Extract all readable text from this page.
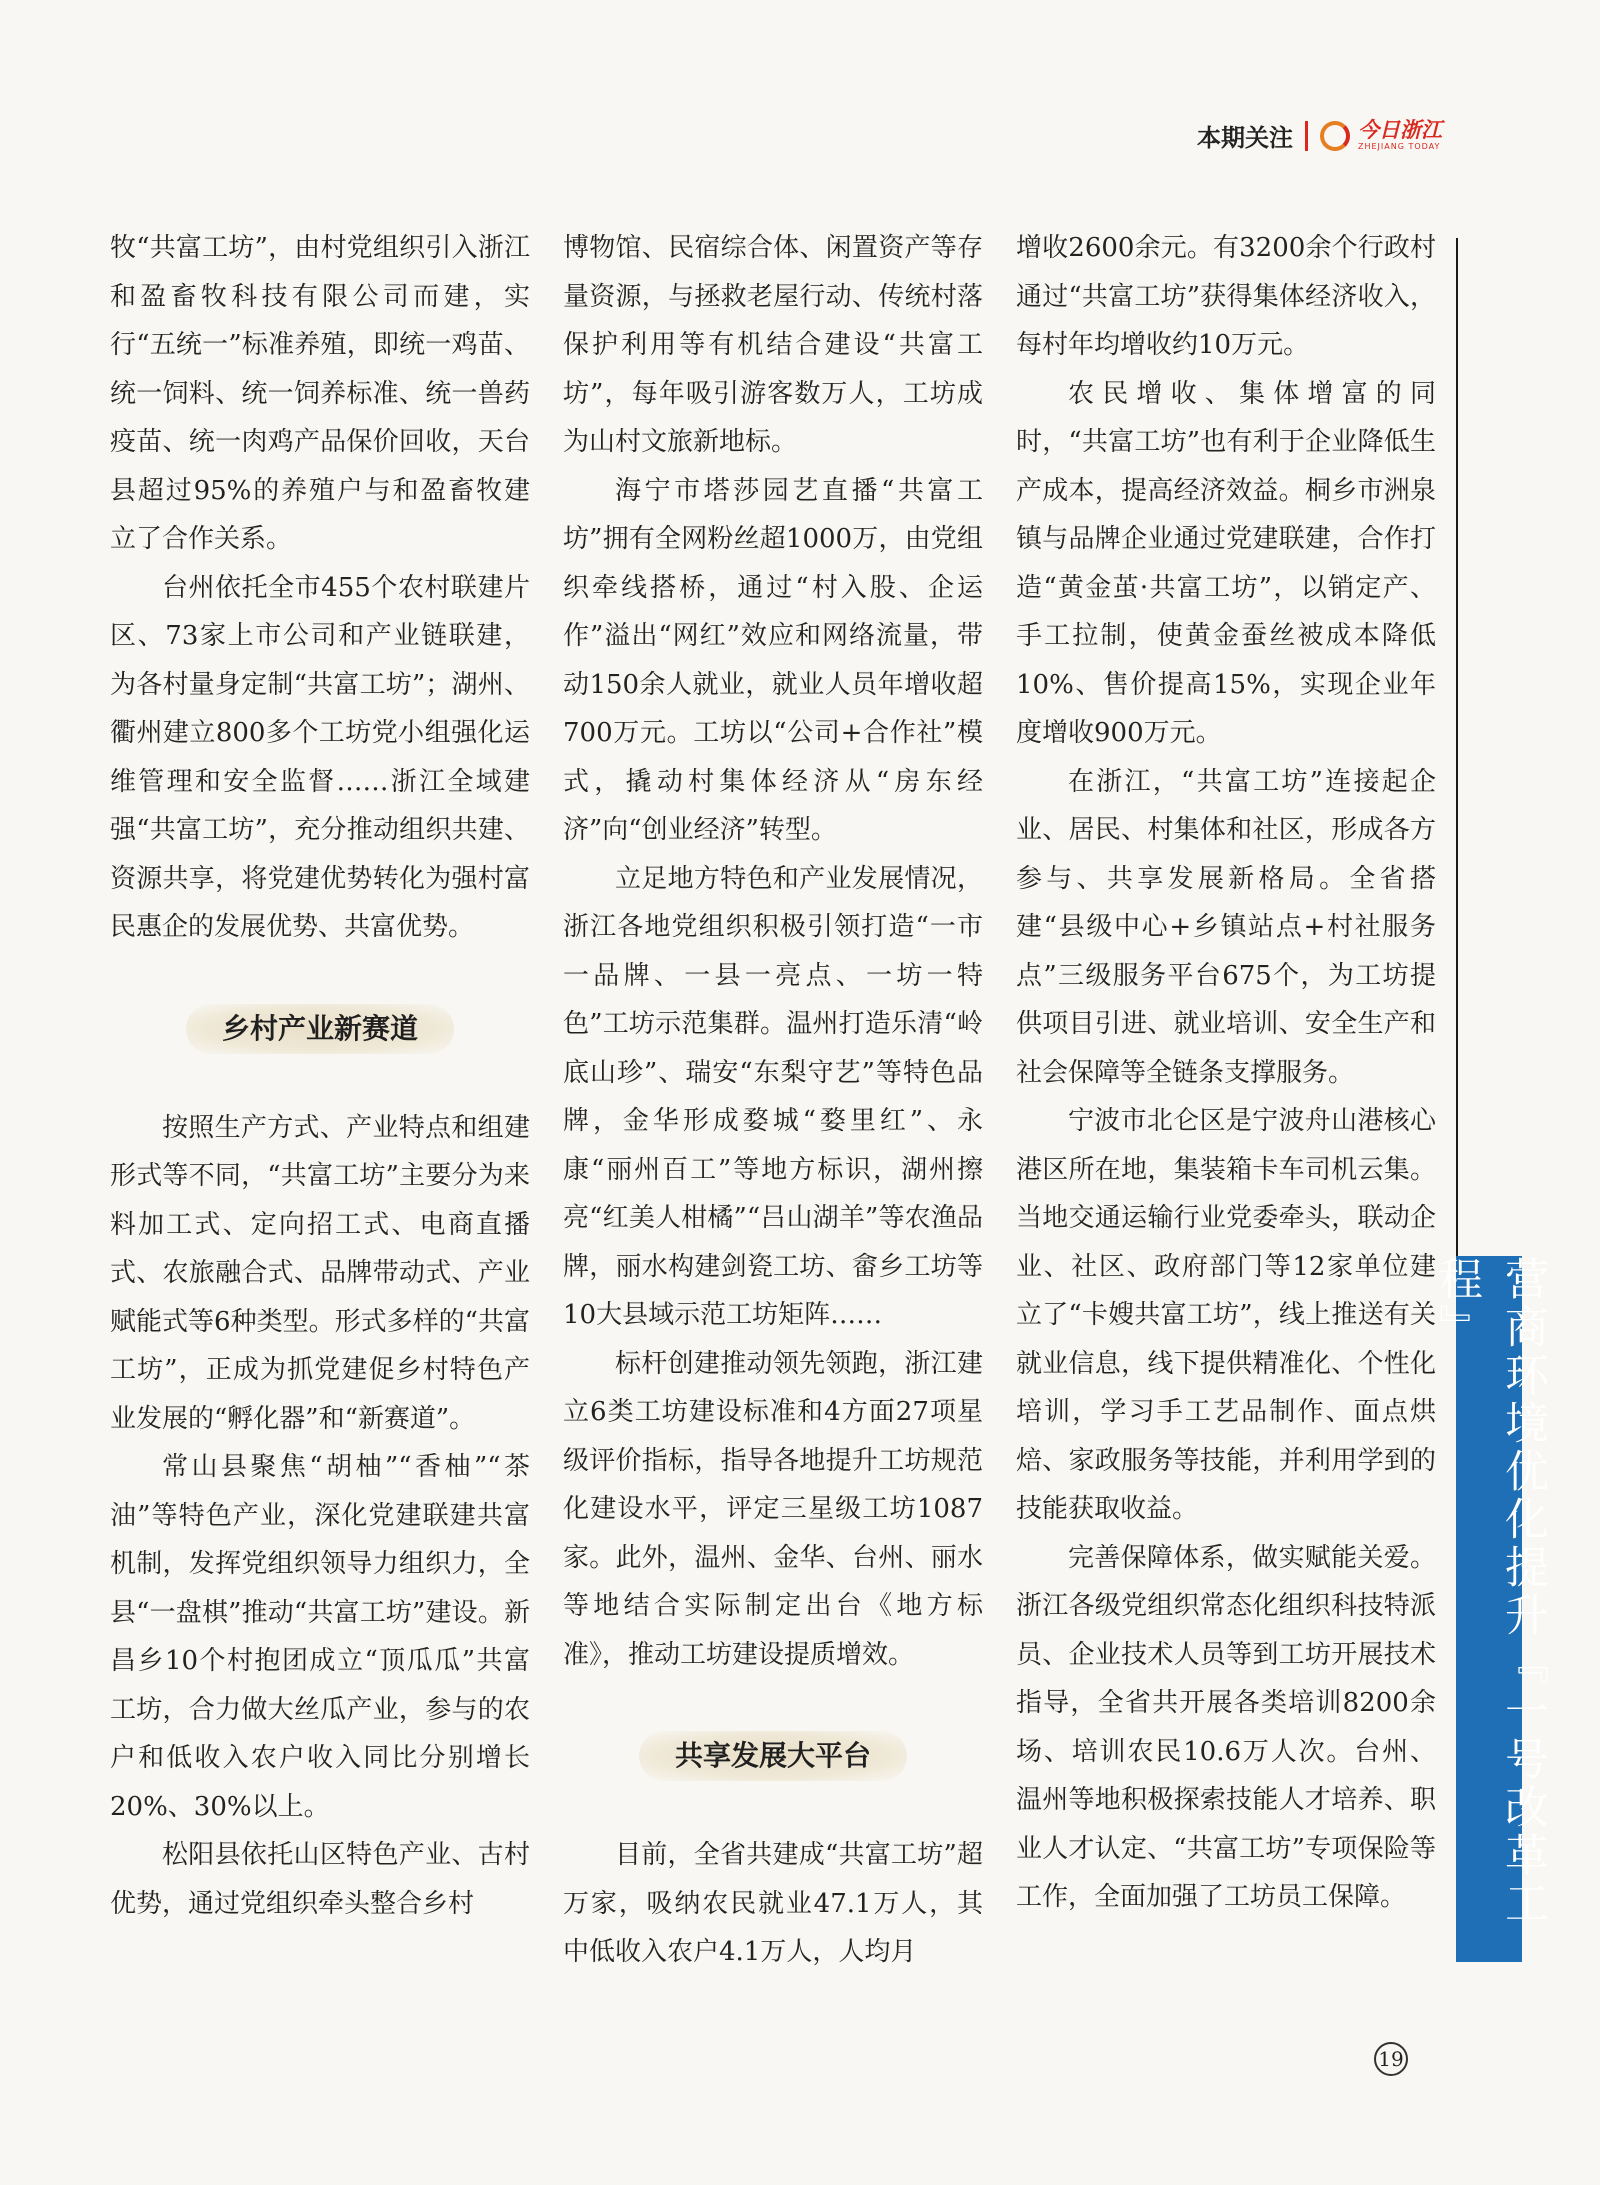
本期关注	今日浙江
ZHEJIANG TODAY

牧“共富工坊”，由村党组织引入浙江和盈畜牧科技有限公司而建，实行“五统一”标准养殖，即统一鸡苗、统一饲料、统一饲养标准、统一兽药疫苗、统一肉鸡产品保价回收，天台县超过95%的养殖户与和盈畜牧建立了合作关系。

台州依托全市455个农村联建片区、73家上市公司和产业链联建，为各村量身定制“共富工坊”；湖州、衢州建立800多个工坊党小组强化运维管理和安全监督……浙江全域建强“共富工坊”，充分推动组织共建、资源共享，将党建优势转化为强村富民惠企的发展优势、共富优势。

乡村产业新赛道

按照生产方式、产业特点和组建形式等不同，“共富工坊”主要分为来料加工式、定向招工式、电商直播式、农旅融合式、品牌带动式、产业赋能式等6种类型。形式多样的“共富工坊”，正成为抓党建促乡村特色产业发展的“孵化器”和“新赛道”。

常山县聚焦“胡柚”“香柚”“茶油”等特色产业，深化党建联建共富机制，发挥党组织领导力组织力，全县“一盘棋”推动“共富工坊”建设。新昌乡10个村抱团成立“顶瓜瓜”共富工坊，合力做大丝瓜产业，参与的农户和低收入农户收入同比分别增长20%、30%以上。

松阳县依托山区特色产业、古村优势，通过党组织牵头整合乡村

博物馆、民宿综合体、闲置资产等存量资源，与拯救老屋行动、传统村落保护利用等有机结合建设“共富工坊”，每年吸引游客数万人，工坊成为山村文旅新地标。

海宁市塔莎园艺直播“共富工坊”拥有全网粉丝超1000万，由党组织牵线搭桥，通过“村入股、企运作”溢出“网红”效应和网络流量，带动150余人就业，就业人员年增收超700万元。工坊以“公司+合作社”模式，撬动村集体经济从“房东经济”向“创业经济”转型。

立足地方特色和产业发展情况，浙江各地党组织积极引领打造“一市一品牌、一县一亮点、一坊一特色”工坊示范集群。温州打造乐清“岭底山珍”、瑞安“东梨守艺”等特色品牌，金华形成婺城“婺里红”、永康“丽州百工”等地方标识，湖州擦亮“红美人柑橘”“吕山湖羊”等农渔品牌，丽水构建剑瓷工坊、畲乡工坊等10大县域示范工坊矩阵……

标杆创建推动领先领跑，浙江建立6类工坊建设标准和4方面27项星级评价指标，指导各地提升工坊规范化建设水平，评定三星级工坊1087家。此外，温州、金华、台州、丽水等地结合实际制定出台《地方标准》，推动工坊建设提质增效。

共享发展大平台

目前，全省共建成“共富工坊”超万家，吸纳农民就业47.1万人，其中低收入农户4.1万人，人均月

增收2600余元。有3200余个行政村通过“共富工坊”获得集体经济收入，每村年均增收约10万元。

农民增收、集体增富的同时，“共富工坊”也有利于企业降低生产成本，提高经济效益。桐乡市洲泉镇与品牌企业通过党建联建，合作打造“黄金茧·共富工坊”，以销定产、手工拉制，使黄金蚕丝被成本降低10%、售价提高15%，实现企业年度增收900万元。

在浙江，“共富工坊”连接起企业、居民、村集体和社区，形成各方参与、共享发展新格局。全省搭建“县级中心+乡镇站点+村社服务点”三级服务平台675个，为工坊提供项目引进、就业培训、安全生产和社会保障等全链条支撑服务。

宁波市北仑区是宁波舟山港核心港区所在地，集装箱卡车司机云集。当地交通运输行业党委牵头，联动企业、社区、政府部门等12家单位建立了“卡嫂共富工坊”，线上推送有关就业信息，线下提供精准化、个性化培训，学习手工艺品制作、面点烘焙、家政服务等技能，并利用学到的技能获取收益。

完善保障体系，做实赋能关爱。浙江各级党组织常态化组织科技特派员、企业技术人员等到工坊开展技术指导，全省共开展各类培训8200余场、培训农民10.6万人次。台州、温州等地积极探索技能人才培养、职业人才认定、“共富工坊”专项保险等工作，全面加强了工坊员工保障。	营商环境优化提升『一号改革工程』
19
